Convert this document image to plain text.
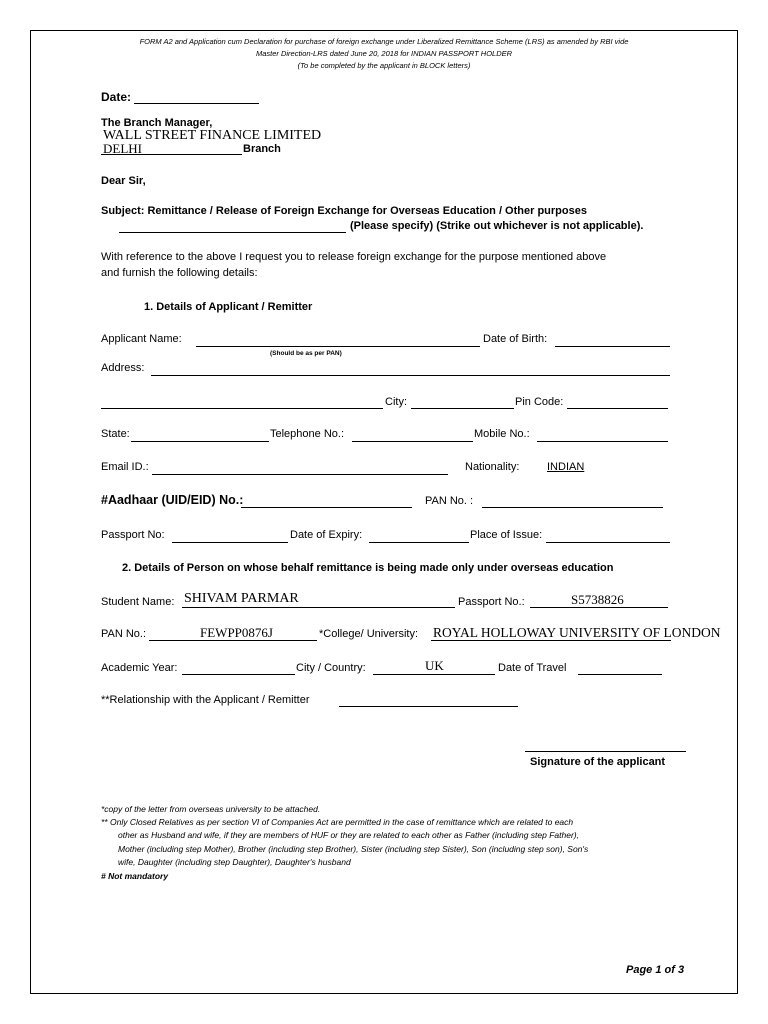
FORM A2 and Application cum Declaration for purchase of foreign exchange under Liberalized Remittance Scheme (LRS) as amended by RBI vide
Master Direction-LRS dated June 20, 2018 for INDIAN PASSPORT HOLDER
(To be completed by the applicant in BLOCK letters)
Date:
The Branch Manager,
WALL STREET FINANCE LIMITED
DELHI	Branch
Dear Sir,
Subject: Remittance / Release of Foreign Exchange for Overseas Education / Other purposes
(Please specify) (Strike out whichever is not applicable).
With reference to the above I request you to release foreign exchange for the purpose mentioned above
and furnish the following details:
1. Details of Applicant / Remitter
Applicant Name:
(Should be as per PAN)
Date of Birth:
Address:
City:	Pin Code:
State:	Telephone No.:	Mobile No.:
Email ID.:	Nationality:	INDIAN
#Aadhaar (UID/EID) No.:	PAN No. :
Passport No:	Date of Expiry:	Place of Issue:
2. Details of Person on whose behalf remittance is being made only under overseas education
Student Name: SHIVAM PARMAR	Passport No.:	S5738826
PAN No.:	FEWPP0876J	*College/ University: ROYAL HOLLOWAY UNIVERSITY OF LONDON
Academic Year:	City / Country:	UK	Date of Travel
**Relationship with the Applicant / Remitter
Signature of the applicant
*copy of the letter from overseas university to be attached.
** Only Closed Relatives as per section VI of Companies Act are permitted in the case of remittance which are related to each
other as Husband and wife, if they are members of HUF or they are related to each other as Father (including step Father),
Mother (including step Mother), Brother (including step Brother), Sister (including step Sister), Son (including step son), Son's
wife, Daughter (including step Daughter), Daughter's husband
# Not mandatory
Page 1 of 3
